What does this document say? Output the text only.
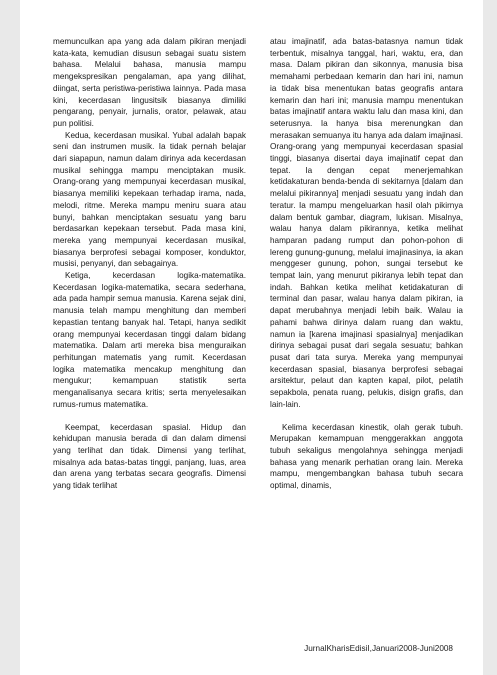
memunculkan apa yang ada dalam pikiran menjadi kata-kata, kemudian disusun sebagai suatu sistem bahasa. Melalui bahasa, manusia mampu mengekspresikan pengalaman, apa yang dilihat, diingat, serta peristiwa-peristiwa lainnya. Pada masa kini, kecerdasan lingusitsik biasanya dimiliki pengarang, penyair, jurnalis, orator, pelawak, atau pun politisi.

Kedua, kecerdasan musikal. Yubal adalah bapak seni dan instrumen musik. Ia tidak pernah belajar dari siapapun, namun dalam dirinya ada kecerdasan musikal sehingga mampu menciptakan musik. Orang-orang yang mempunyai kecerdasan musikal, biasanya memiliki kepekaan terhadap irama, nada, melodi, ritme. Mereka mampu meniru suara atau bunyi, bahkan menciptakan sesuatu yang baru berdasarkan kepekaan tersebut. Pada masa kini, mereka yang mempunyai kecerdasan musikal, biasanya berprofesi sebagai komposer, konduktor, musisi, penyanyi, dan sebagainya.

Ketiga, kecerdasan logika-matematika. Kecerdasan logika-matematika, secara sederhana, ada pada hampir semua manusia. Karena sejak dini, manusia telah mampu menghitung dan memberi kepastian tentang banyak hal. Tetapi, hanya sedikit orang mempunyai kecerdasan tinggi dalam bidang matematika. Dalam arti mereka bisa menguraikan perhitungan matematis yang rumit. Kecerdasan logika matematika mencakup menghitung dan mengukur; kemampuan statistik serta menganalisanya secara kritis; serta menyelesaikan rumus-rumus matematika.

Keempat, kecerdasan spasial. Hidup dan kehidupan manusia berada di dan dalam dimensi yang terlihat dan tidak. Dimensi yang terlihat, misalnya ada batas-batas tinggi, panjang, luas, area dan arena yang terbatas secara geografis. Dimensi yang tidak terlihat

atau imajinatif, ada batas-batasnya namun tidak terbentuk, misalnya tanggal, hari, waktu, era, dan masa. Dalam pikiran dan sikonnya, manusia bisa memahami perbedaan kemarin dan hari ini, namun ia tidak bisa menentukan batas geografis antara kemarin dan hari ini; manusia mampu menentukan batas imajinatif antara waktu lalu dan masa kini, dan seterusnya. Ia hanya bisa merenungkan dan merasakan semuanya itu hanya ada dalam imajinasi. Orang-orang yang mempunyai kecerdasan spasial tinggi, biasanya disertai daya imajinatif cepat dan tepat. Ia dengan cepat menerjemahkan ketidakaturan benda-benda di sekitarnya [dalam dan melalui pikirannya] menjadi sesuatu yang indah dan teratur. Ia mampu mengeluarkan hasil olah pikirnya dalam bentuk gambar, diagram, lukisan. Misalnya, walau hanya dalam pikirannya, ketika melihat hamparan padang rumput dan pohon-pohon di lereng gunung-gunung, melalui imajinasinya, ia akan menggeser gunung, pohon, sungai tersebut ke tempat lain, yang menurut pikiranya lebih tepat dan indah. Bahkan ketika melihat ketidakaturan di terminal dan pasar, walau hanya dalam pikiran, ia dapat merubahnya menjadi lebih baik. Walau ia pahami bahwa dirinya dalam ruang dan waktu, namun ia [karena imajinasi spasialnya] menjadikan dirinya sebagai pusat dari segala sesuatu; bahkan pusat dari tata surya. Mereka yang mempunyai kecerdasan spasial, biasanya berprofesi sebagai arsitektur, pelaut dan kapten kapal, pilot, pelatih sepakbola, penata ruang, pelukis, disign grafis, dan lain-lain.

Kelima kecerdasan kinestik, olah gerak tubuh. Merupakan kemampuan menggerakkan anggota tubuh sekaligus mengolahnya sehingga menjadi bahasa yang menarik perhatian orang lain. Mereka mampu, mengembangkan bahasa tubuh secara optimal, dinamis,

JurnalKharisEdisiI,Januari2008-Juni2008
